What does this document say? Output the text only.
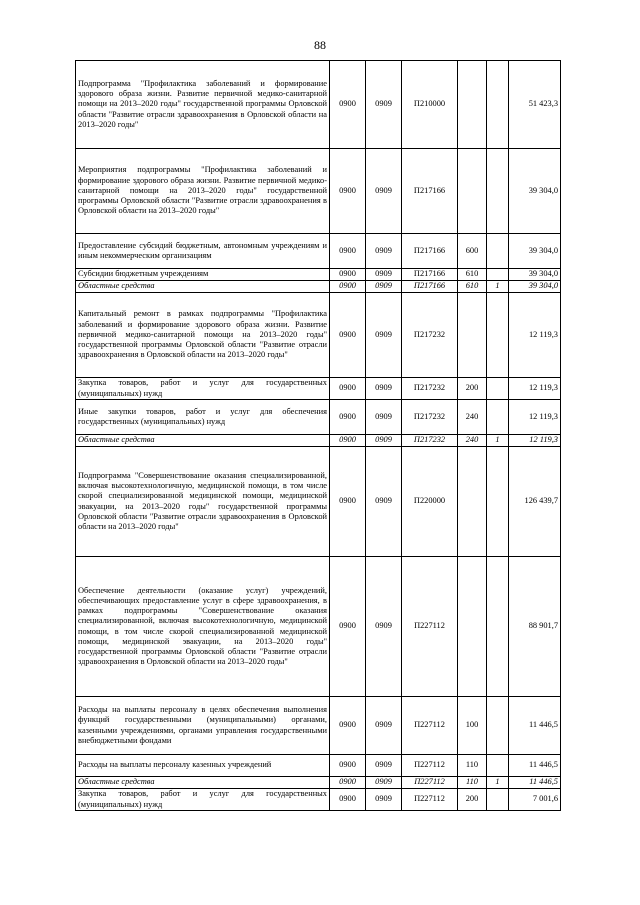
88
Подпрограмма "Профилактика заболеваний и формирование здорового образа жизни. Развитие первичной медико-санитарной помощи на 2013–2020 годы" государственной программы Орловской области "Развитие отрасли здравоохранения в Орловской области на 2013–2020 годы"	0900	0909	П210000			51 423,3
Мероприятия подпрограммы "Профилактика заболеваний и формирование здорового образа жизни. Развитие первичной медико-санитарной помощи на 2013–2020 годы" государственной программы Орловской области "Развитие отрасли здравоохранения в Орловской области на 2013–2020 годы"	0900	0909	П217166			39 304,0
Предоставление субсидий бюджетным, автономным учреждениям и иным некоммерческим организациям	0900	0909	П217166	600		39 304,0
Субсидии бюджетным учреждениям	0900	0909	П217166	610		39 304,0
Областные средства	0900	0909	П217166	610	1	39 304,0
Капитальный ремонт в рамках подпрограммы "Профилактика заболеваний и формирование здорового образа жизни. Развитие первичной медико-санитарной помощи на 2013–2020 годы" государственной программы Орловской области "Развитие отрасли здравоохранения в Орловской области на 2013–2020 годы"	0900	0909	П217232			12 119,3
Закупка товаров, работ и услуг для государственных (муниципальных) нужд	0900	0909	П217232	200		12 119,3
Иные закупки товаров, работ и услуг для обеспечения государственных (муниципальных) нужд	0900	0909	П217232	240		12 119,3
Областные средства	0900	0909	П217232	240	1	12 119,3
Подпрограмма "Совершенствование оказания специализированной, включая высокотехнологичную, медицинской помощи, в том числе скорой специализированной медицинской помощи, медицинской эвакуации, на 2013–2020 годы" государственной программы Орловской области "Развитие отрасли здравоохранения в Орловской области на 2013–2020 годы"	0900	0909	П220000			126 439,7
Обеспечение деятельности (оказание услуг) учреждений, обеспечивающих предоставление услуг в сфере здравоохранения, в рамках подпрограммы "Совершенствование оказания специализированной, включая высокотехнологичную, медицинской помощи, в том числе скорой специализированной медицинской помощи, медицинской эвакуации, на 2013–2020 годы" государственной программы Орловской области "Развитие отрасли здравоохранения в Орловской области на 2013–2020 годы"	0900	0909	П227112			88 901,7
Расходы на выплаты персоналу в целях обеспечения выполнения функций государственными (муниципальными) органами, казенными учреждениями, органами управления государственными внебюджетными фондами	0900	0909	П227112	100		11 446,5
Расходы на выплаты персоналу казенных учреждений	0900	0909	П227112	110		11 446,5
Областные средства	0900	0909	П227112	110	1	11 446,5
Закупка товаров, работ и услуг для государственных (муниципальных) нужд	0900	0909	П227112	200		7 001,6
